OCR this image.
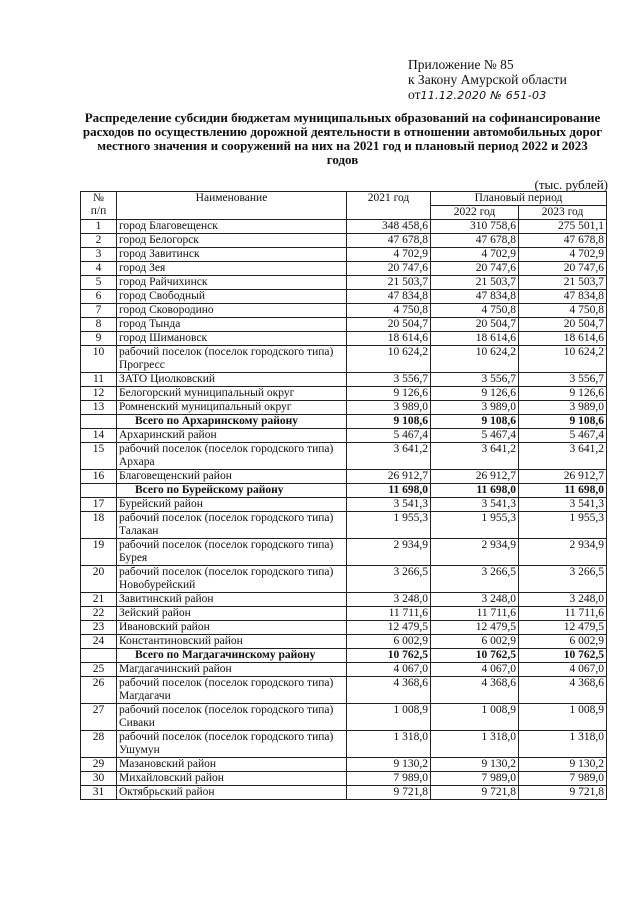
Приложение № 85
к Закону Амурской области
от11.12.2020 № 651-03
Распределение субсидии бюджетам муниципальных образований на софинансирование расходов по осуществлению дорожной деятельности в отношении автомобильных дорог местного значения и сооружений на них на 2021 год и плановый период 2022 и 2023 годов
(тыс. рублей)
№
п/п	Наименование	2021 год	Плановый период	
			2022 год	2023 год
1	город Благовещенск	348 458,6	310 758,6	275 501,1
2	город Белогорск	47 678,8	47 678,8	47 678,8
3	город Завитинск	4 702,9	4 702,9	4 702,9
4	город Зея	20 747,6	20 747,6	20 747,6
5	город Райчихинск	21 503,7	21 503,7	21 503,7
6	город Свободный	47 834,8	47 834,8	47 834,8
7	город Сковородино	4 750,8	4 750,8	4 750,8
8	город Тында	20 504,7	20 504,7	20 504,7
9	город Шимановск	18 614,6	18 614,6	18 614,6
10	рабочий поселок (поселок городского типа) Прогресс	10 624,2	10 624,2	10 624,2
11	ЗАТО Циолковский	3 556,7	3 556,7	3 556,7
12	Белогорский муниципальный округ	9 126,6	9 126,6	9 126,6
13	Ромненский муниципальный округ	3 989,0	3 989,0	3 989,0
	Всего по Архаринскому району	9 108,6	9 108,6	9 108,6
14	Архаринский район	5 467,4	5 467,4	5 467,4
15	рабочий поселок (поселок городского типа) Архара	3 641,2	3 641,2	3 641,2
16	Благовещенский район	26 912,7	26 912,7	26 912,7
	Всего по Бурейскому району	11 698,0	11 698,0	11 698,0
17	Бурейский район	3 541,3	3 541,3	3 541,3
18	рабочий поселок (поселок городского типа) Талакан	1 955,3	1 955,3	1 955,3
19	рабочий поселок (поселок городского типа) Бурея	2 934,9	2 934,9	2 934,9
20	рабочий поселок (поселок городского типа) Новобурейский	3 266,5	3 266,5	3 266,5
21	Завитинский район	3 248,0	3 248,0	3 248,0
22	Зейский район	11 711,6	11 711,6	11 711,6
23	Ивановский район	12 479,5	12 479,5	12 479,5
24	Константиновский район	6 002,9	6 002,9	6 002,9
	Всего по Магдагачинскому району	10 762,5	10 762,5	10 762,5
25	Магдагачинский район	4 067,0	4 067,0	4 067,0
26	рабочий поселок (поселок городского типа) Магдагачи	4 368,6	4 368,6	4 368,6
27	рабочий поселок (поселок городского типа) Сиваки	1 008,9	1 008,9	1 008,9
28	рабочий поселок (поселок городского типа) Ушумун	1 318,0	1 318,0	1 318,0
29	Мазановский район	9 130,2	9 130,2	9 130,2
30	Михайловский район	7 989,0	7 989,0	7 989,0
31	Октябрьский район	9 721,8	9 721,8	9 721,8
